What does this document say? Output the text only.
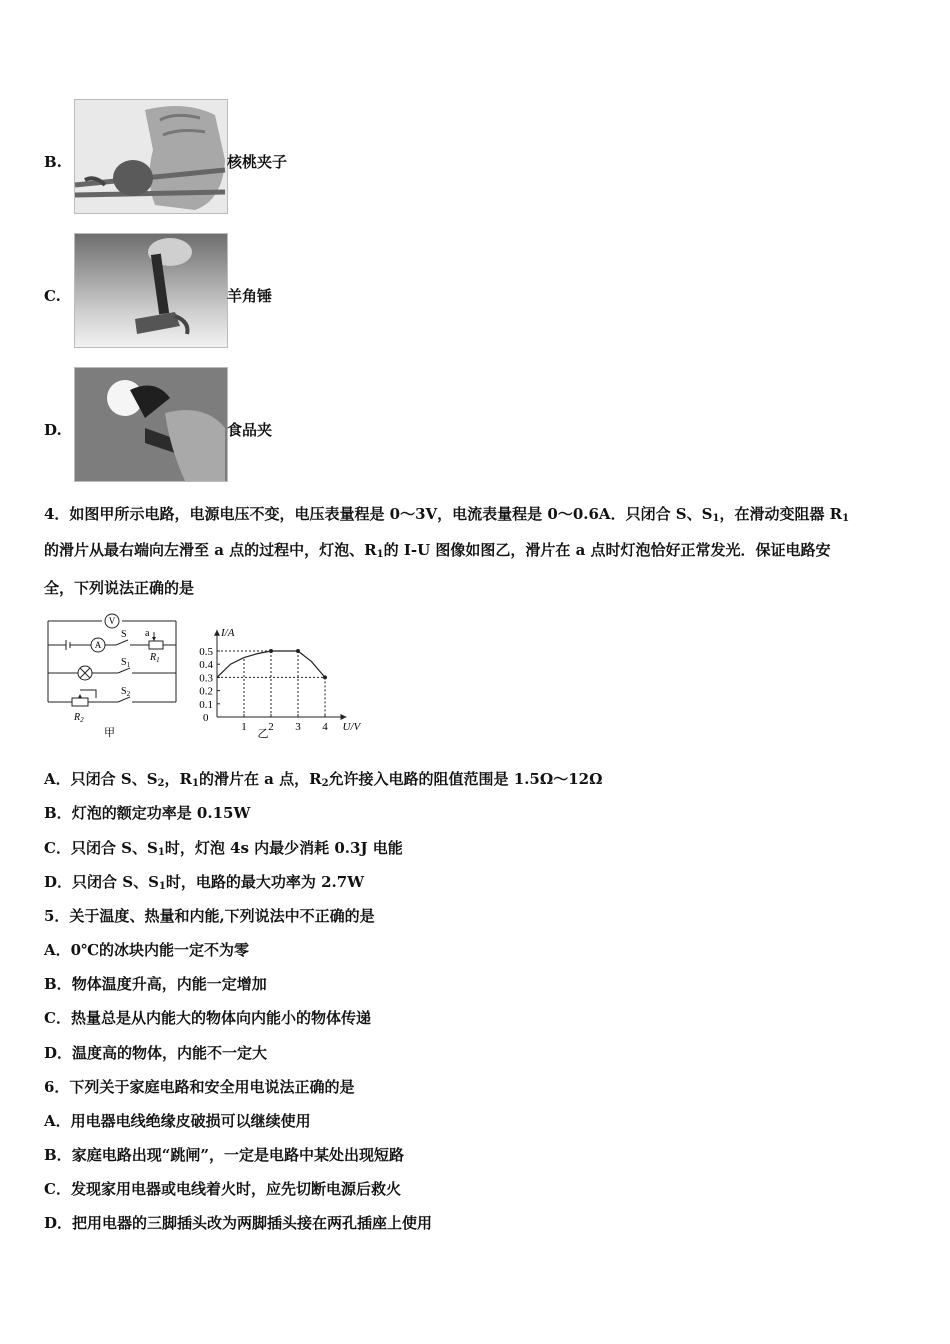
B.	核桃夹子
C.	羊角锤
D.	食品夹
4．如图甲所示电路，电源电压不变，电压表量程是 0～3V，电流表量程是 0～0.6A．只闭合 S、$S_1$，在滑动变阻器 $R_1$
的滑片从最右端向左滑至 a 点的过程中，灯泡、$R_1$的 I-U 图像如图乙，滑片在 a 点时灯泡恰好正常发光．保证电路安
全，下列说法正确的是
V
A
S a
$R_1$
$S_1$
$S_2$
$R_2$
甲
0.1
0.2
0.3
0.4
0.5
1 2 3 4
0
I/A
U/V
乙
A．只闭合 S、$S_2$，$R_1$的滑片在 a 点，$R_2$允许接入电路的阻值范围是 1.5Ω～12Ω
B．灯泡的额定功率是 0.15W
C．只闭合 S、$S_1$时，灯泡 4s 内最少消耗 0.3J 电能
D．只闭合 S、$S_1$时，电路的最大功率为 2.7W
5．关于温度、热量和内能,下列说法中不正确的是
A．0℃的冰块内能一定不为零
B．物体温度升高，内能一定增加
C．热量总是从内能大的物体向内能小的物体传递
D．温度高的物体，内能不一定大
6．下列关于家庭电路和安全用电说法正确的是
A．用电器电线绝缘皮破损可以继续使用
B．家庭电路出现“跳闸”，一定是电路中某处出现短路
C．发现家用电器或电线着火时，应先切断电源后救火
D．把用电器的三脚插头改为两脚插头接在两孔插座上使用
